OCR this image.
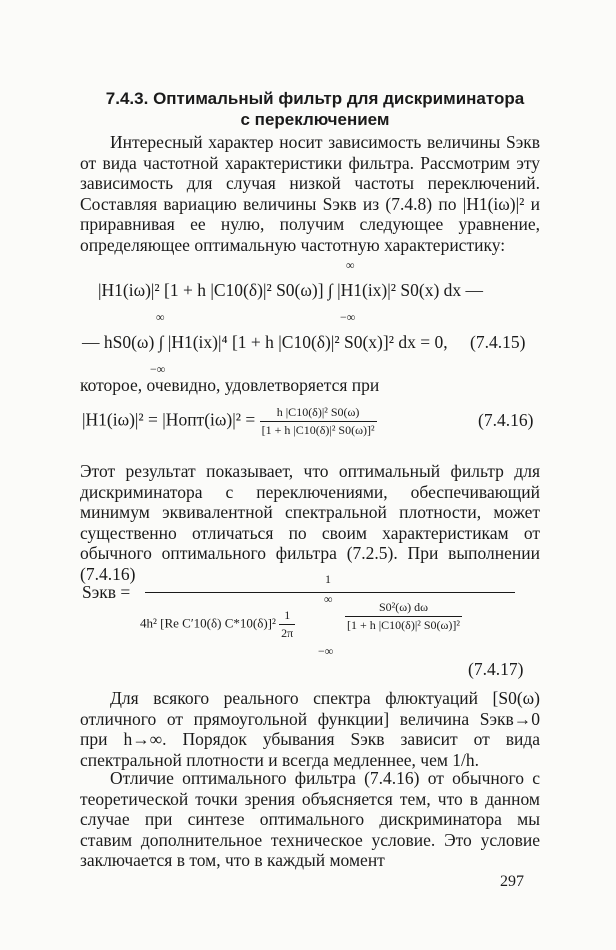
7.4.3. Оптимальный фильтр для дискриминатора
с переключением

Интересный характер носит зависимость величины Sэкв от вида частотной характеристики фильтра. Рассмотрим эту зависимость для случая низкой частоты переключений. Составляя вариацию величины Sэкв из (7.4.8) по |H1(iω)|² и приравнивая ее нулю, получим следующее уравнение, определяющее оптимальную частотную характеристику:

|H1(iω)|² [1 + h |C10(δ)|² S0(ω)] ∫ |H1(ix)|² S0(x) dx —
∞
−∞
— hS0(ω) ∫ |H1(ix)|⁴ [1 + h |C10(δ)|² S0(x)]² dx = 0,
∞
−∞
(7.4.15)

которое, очевидно, удовлетворяется при

|H1(iω)|² = |Hопт(iω)|² = $\frac{\text{h |C10(δ)|² S0(ω)}}{\text{[1 + h |C10(δ)|² S0(ω)]²}}$	(7.4.16)

Этот результат показывает, что оптимальный фильтр для дискриминатора с переключениями, обеспечивающий минимум эквивалентной спектральной плотности, может существенно отличаться по своим характеристикам от обычного оптимального фильтра (7.2.5). При выполнении (7.4.16)

Sэкв =
1
4h² [Re C′10(δ) $C*10(\delta)]^2 \frac{1}{2\pi}$
∞
−∞
$\frac{\text{S0²(ω) dω}}{\text{[1 + h |C10(δ)|² S0(ω)]²}}$
(7.4.17)

Для всякого реального спектра флюктуаций [S0(ω) отличного от прямоугольной функции] величина Sэкв→0 при h→∞. Порядок убывания Sэкв зависит от вида спектральной плотности и всегда медленнее, чем 1/h.

Отличие оптимального фильтра (7.4.16) от обычного с теоретической точки зрения объясняется тем, что в данном случае при синтезе оптимального дискриминатора мы ставим дополнительное техническое условие. Это условие заключается в том, что в каждый момент

297
